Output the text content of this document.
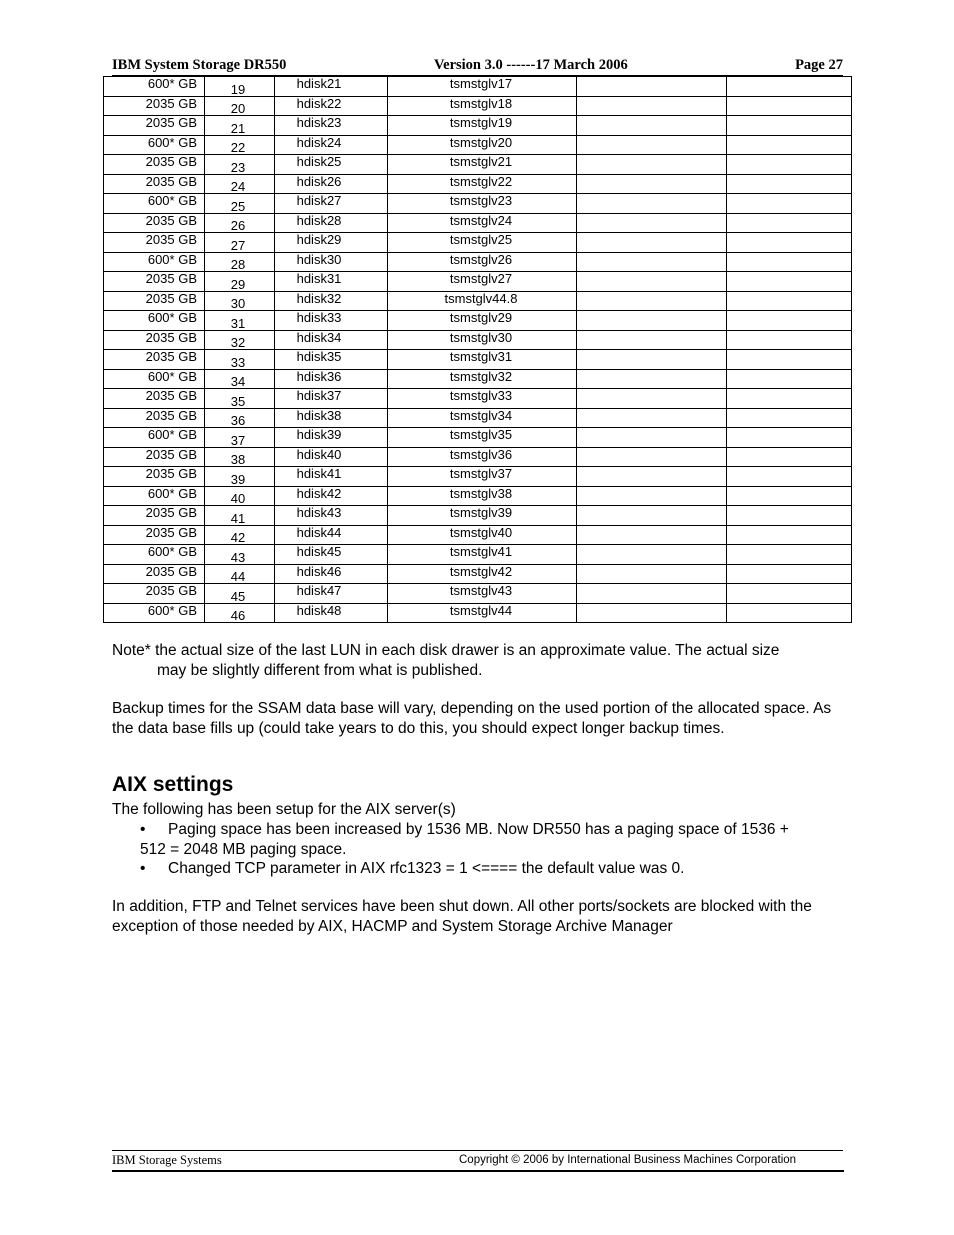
IBM System Storage DR550	Version 3.0 ------17 March 2006	Page 27
600* GB	19	hdisk21	tsmstglv17		
2035 GB	20	hdisk22	tsmstglv18		
2035 GB	21	hdisk23	tsmstglv19		
600* GB	22	hdisk24	tsmstglv20		
2035 GB	23	hdisk25	tsmstglv21		
2035 GB	24	hdisk26	tsmstglv22		
600* GB	25	hdisk27	tsmstglv23		
2035 GB	26	hdisk28	tsmstglv24		
2035 GB	27	hdisk29	tsmstglv25		
600* GB	28	hdisk30	tsmstglv26		
2035 GB	29	hdisk31	tsmstglv27		
2035 GB	30	hdisk32	tsmstglv44.8		
600* GB	31	hdisk33	tsmstglv29		
2035 GB	32	hdisk34	tsmstglv30		
2035 GB	33	hdisk35	tsmstglv31		
600* GB	34	hdisk36	tsmstglv32		
2035 GB	35	hdisk37	tsmstglv33		
2035 GB	36	hdisk38	tsmstglv34		
600* GB	37	hdisk39	tsmstglv35		
2035 GB	38	hdisk40	tsmstglv36		
2035 GB	39	hdisk41	tsmstglv37		
600* GB	40	hdisk42	tsmstglv38		
2035 GB	41	hdisk43	tsmstglv39		
2035 GB	42	hdisk44	tsmstglv40		
600* GB	43	hdisk45	tsmstglv41		
2035 GB	44	hdisk46	tsmstglv42		
2035 GB	45	hdisk47	tsmstglv43		
600* GB	46	hdisk48	tsmstglv44		
Note* the actual size of the last LUN in each disk drawer is an approximate value. The actual size
may be slightly different from what is published.
Backup times for the SSAM data base will vary, depending on the used portion of the allocated space. As the data base fills up (could take years to do this, you should expect longer backup times.
AIX settings
The following has been setup for the AIX server(s)
•	Paging space has been increased by 1536 MB. Now DR550 has a paging space of 1536 +
512 = 2048 MB paging space.
•	Changed TCP parameter in AIX rfc1323 = 1 <==== the default value was 0.
In addition, FTP and Telnet services have been shut down. All other ports/sockets are blocked with the exception of those needed by AIX, HACMP and System Storage Archive Manager
IBM Storage Systems	Copyright © 2006 by International Business Machines Corporation
